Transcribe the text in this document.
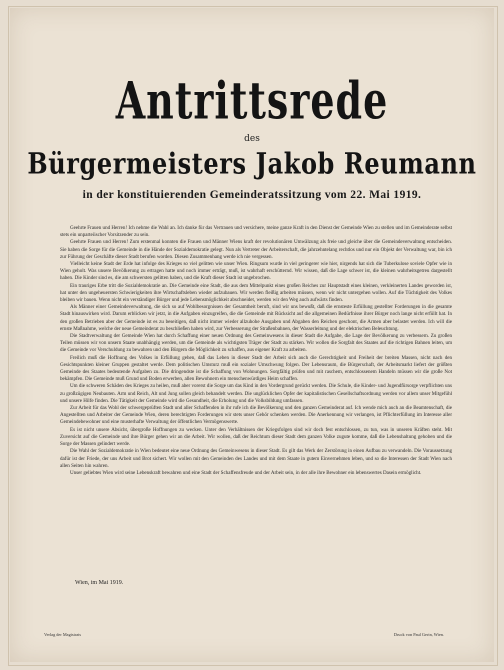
Antrittsrede
des
Bürgermeisters Jakob Reumann
in der konstituierenden Gemeinderatssitzung vom 22. Mai 1919.

Geehrte Frauen und Herren! Ich nehme die Wahl an. Ich danke für das Vertrauen und versichere, meine ganze Kraft in den Dienst der Gemeinde Wien zu stellen und im Gemeinderate selbst stets ein unparteiischer Vorsitzender zu sein.

Geehrte Frauen und Herren! Zum erstenmal konnten die Frauen und Männer Wiens kraft der revolutionären Umwälzung als freie und gleiche über die Gemeindeverwaltung entscheiden. Sie haben die Sorge für die Gemeinde in die Hände der Sozialdemokratie gelegt. Nun als Vertreter der Arbeiterschaft, die jahrzehntelang rechtlos und nur ein Objekt der Verwaltung war, bin ich zur Führung der Geschäfte dieser Stadt berufen worden. Diesen Zusammenhang werde ich nie vergessen.

Vielleicht keine Stadt der Erde hat infolge des Krieges so viel gelitten wie unser Wien. Ringsum wurde in viel geringerer wie hier, nirgends hat sich die Tuberkulose soviele Opfer wie in Wien geholt. Was unsere Bevölkerung zu ertragen hatte und noch immer erträgt, muß, ist wahrhaft erschütternd. Wir wissen, daß die Lage schwer ist, die kleinen wahrheitsgetreu dargestellt haben. Die Kinder sind es, die am schwersten gelitten haben, und die Kraft dieser Stadt ist ungebrochen.

Ein trauriges Erbe tritt die Sozialdemokratie an. Die Gemeinde eine Stadt, die aus dem Mittelpunkt eines großen Reiches zur Hauptstadt eines kleinen, verkleinerten Landes geworden ist, hat unter den ungeheuersten Schwierigkeiten ihre Wirtschaftsleben wieder aufzubauen. Wir werden fleißig arbeiten müssen, wenn wir nicht untergehen wollen. Auf die Tüchtigkeit des Volkes bleiben wir bauen. Wenn nicht ein verständiger Bürger und jede Lebensmöglichkeit abschneidet, werden wir den Weg auch aufwärts finden.

Als Männer einer Gemeindeverwaltung, die sich so auf Wohlbesorgnissen der Gesamtheit beruft, sind wir uns bewußt, daß die ernsteste Erfüllung gestellter Forderungen in die gesamte Stadt hinauswirken wird. Darum erblicken wir jetzt, in die Aufgaben einzugreifen, die die Gemeinde mit Rücksicht auf die allgemeinen Bedürfnisse ihrer Bürger noch lange nicht erfüllt hat. In den großen Betrieben aber der Gemeinde ist es zu beseitigen, daß nicht immer wieder allzuhohe Ausgaben und Abgaben den Reichen geschont, die Armen aber belastet werden. Ich will die ernste Maßnahme, welche der neue Gemeinderat zu beschließen haben wird, zur Verbesserung der Straßenbahnen, der Wasserleitung und der elektrischen Beleuchtung.

Die Stadtverwaltung der Gemeinde Wien hat durch Schaffung einer neuen Ordnung des Gemeinwesens in dieser Stadt die Aufgabe, die Lage der Bevölkerung zu verbessern. Zu großen Teilen müssen wir von unsern Staate unabhängig werden, um die Gemeinde als wichtigsten Träger der Stadt zu stärken. Wir wollen die Sorgfalt des Staates auf die richtigen Bahnen leiten, um die Gemeinde vor Verschuldung zu bewahren und den Bürgern die Möglichkeit zu schaffen, aus eigener Kraft zu arbeiten.

Freilich muß die Hoffnung des Volkes in Erfüllung gehen, daß das Leben in dieser Stadt der Arbeit sich auch die Gerechtigkeit und Freiheit der breiten Massen, nicht nach den Gesichtspunkten kleiner Gruppen gestaltet werde. Dem politischen Umsturz muß ein sozialer Umschwung folgen. Der Lebensraum, die Bürgerschaft, der Arbeitsmarkt liefert der größten Gemeinde des Staates bedeutende Aufgaben zu. Die dringendste ist die Schaffung von Wohnungen. Sorgfältig prüfen und mit raschem, entschlossenem Handeln müssen wir die große Not bekämpfen. Die Gemeinde muß Grund und Boden erwerben, allen Bewohnern ein menschenwürdiges Heim schaffen.

Um die schweren Schäden des Krieges zu heilen, muß aber vorerst die Sorge um das Kind in den Vordergrund gerückt werden. Die Schule, die Kinder- und Jugendfürsorge verpflichten uns zu großzügigen Neubauten. Arm und Reich, Alt und Jung sollen gleich behandelt werden. Die unglücklichen Opfer der kapitalistischen Gesellschaftsordnung werden vor allem unser Mitgefühl und unsere Hilfe finden. Die Tätigkeit der Gemeinde wird die Gesundheit, die Erholung und die Volksbildung umfassen.

Zur Arbeit für das Wohl der schwergeprüften Stadt und aller Schaffenden in ihr rufe ich die Bevölkerung und den ganzen Gemeinderat auf. Ich wende mich auch an die Beamtenschaft, die Angestellten und Arbeiter der Gemeinde Wien, deren berechtigten Forderungen wir stets unser Gehör schenken werden. Die Anerkennung wir verlangen, ist Pflichterfüllung im Interesse aller Gemeindebewohner und eine musterhafte Verwaltung der öffentlichen Vermögenswerte.

Es ist nicht unsere Absicht, übergroße Hoffnungen zu wecken. Unter den Verhältnissen der Kriegsfolgen sind wir doch fest entschlossen, zu tun, was in unseren Kräften steht. Mit Zuversicht auf die Gemeinde und ihre Bürger gehen wir an die Arbeit. Wir wollen, daß der Reichtum dieser Stadt dem ganzen Volke zugute komme, daß die Lebenshaltung gehoben und die Sorge der Massen gelindert werde.

Die Wahl der Sozialdemokratie in Wien bedeutet eine neue Ordnung des Gemeinwesens in dieser Stadt. Es gilt das Werk der Zerstörung in einen Aufbau zu verwandeln. Die Voraussetzung dafür ist der Friede, der uns Arbeit und Brot sichert. Wir wollen mit den Gemeinden des Landes und mit dem Staate in gutem Einvernehmen leben, und so die Interessen der Stadt Wien nach allen Seiten hin wahren.

Unser geliebtes Wien wird seine Lebenskraft bewahren und eine Stadt der Schaffensfreude und der Arbeit sein, in der alle ihre Bewohner ein lebenswertes Dasein ermöglicht.

Wien, im Mai 1919.
Verlag der Magistrats	Druck von Paul Gerin, Wien.
